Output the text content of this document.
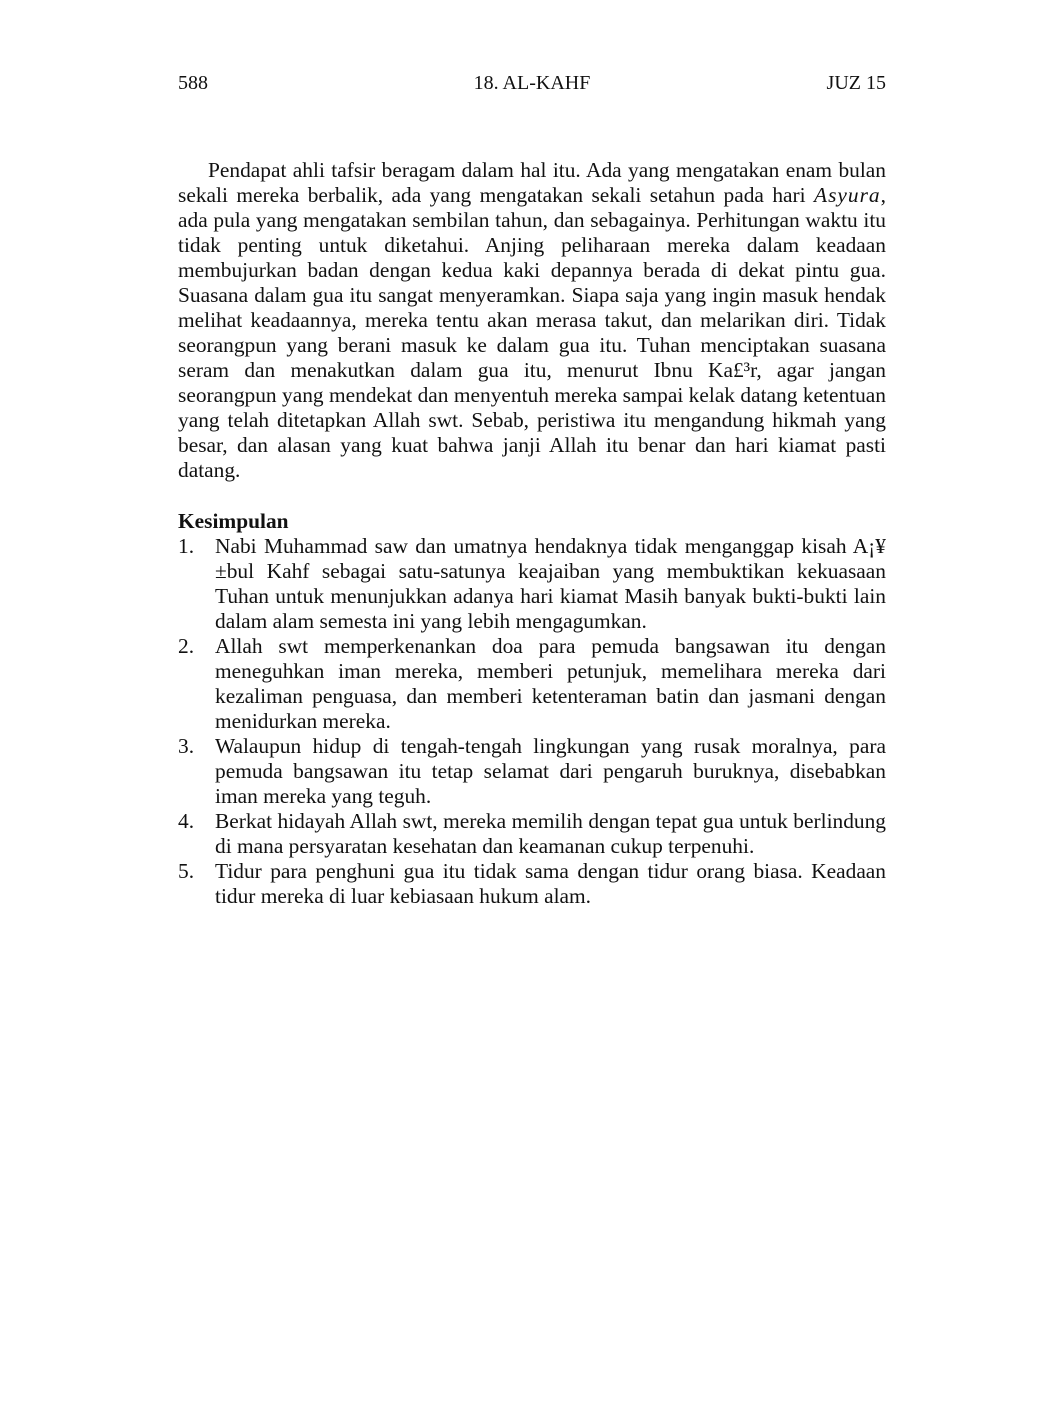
588	18. AL-KAHF	JUZ 15

Pendapat ahli tafsir beragam dalam hal itu. Ada yang mengatakan enam bulan sekali mereka berbalik, ada yang mengatakan sekali setahun pada hari Asyura, ada pula yang mengatakan sembilan tahun, dan sebagainya. Perhitungan waktu itu tidak penting untuk diketahui. Anjing peliharaan mereka dalam keadaan membujurkan badan dengan kedua kaki depannya berada di dekat pintu gua. Suasana dalam gua itu sangat menyeramkan. Siapa saja yang ingin masuk hendak melihat keadaannya, mereka tentu akan merasa takut, dan melarikan diri. Tidak seorangpun yang berani masuk ke dalam gua itu. Tuhan menciptakan suasana seram dan menakutkan dalam gua itu, menurut Ibnu Ka£³r, agar jangan seorangpun yang mendekat dan menyentuh mereka sampai kelak datang ketentuan yang telah ditetapkan Allah swt. Sebab, peristiwa itu mengandung hikmah yang besar, dan alasan yang kuat bahwa janji Allah itu benar dan hari kiamat pasti datang.

Kesimpulan
1. Nabi Muhammad saw dan umatnya hendaknya tidak menganggap kisah A¡¥±bul Kahf sebagai satu-satunya keajaiban yang membuktikan kekuasaan Tuhan untuk menunjukkan adanya hari kiamat Masih banyak bukti-bukti lain dalam alam semesta ini yang lebih mengagumkan.
2. Allah swt memperkenankan doa para pemuda bangsawan itu dengan meneguhkan iman mereka, memberi petunjuk, memelihara mereka dari kezaliman penguasa, dan memberi ketenteraman batin dan jasmani dengan menidurkan mereka.
3. Walaupun hidup di tengah-tengah lingkungan yang rusak moralnya, para pemuda bangsawan itu tetap selamat dari pengaruh buruknya, disebabkan iman mereka yang teguh.
4. Berkat hidayah Allah swt, mereka memilih dengan tepat gua untuk berlindung di mana persyaratan kesehatan dan keamanan cukup terpenuhi.
5. Tidur para penghuni gua itu tidak sama dengan tidur orang biasa. Keadaan tidur mereka di luar kebiasaan hukum alam.
